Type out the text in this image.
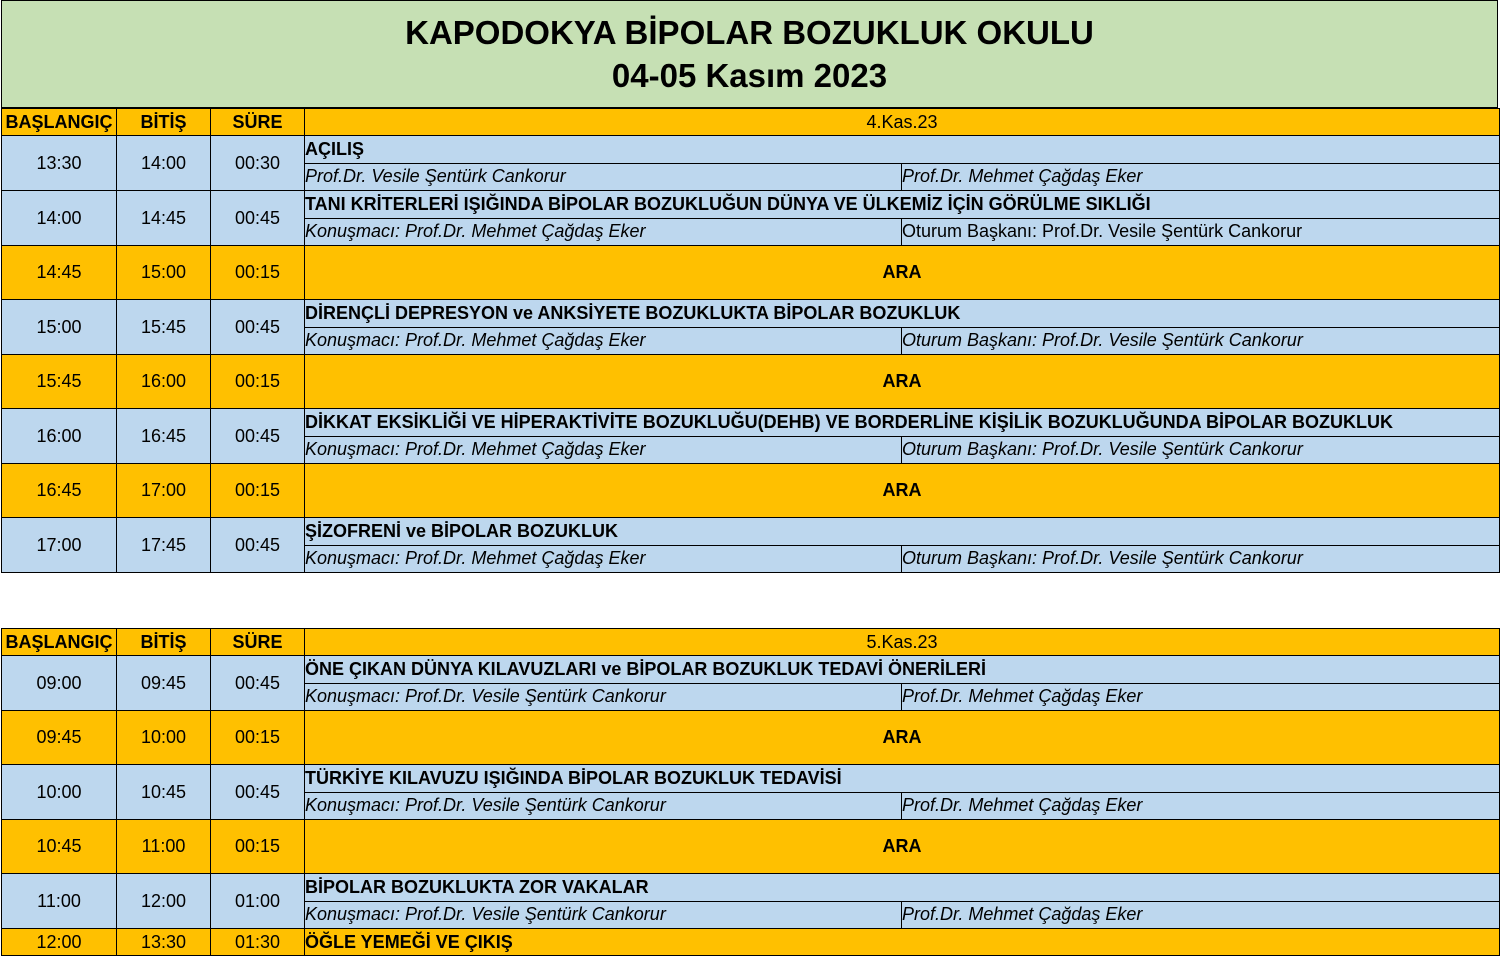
KAPODOKYA BİPOLAR BOZUKLUK OKULU
04-05 Kasım 2023
BAŞLANGIÇ	BİTİŞ	SÜRE	4.Kas.23	
13:30	14:00	00:30	AÇILIŞ	
			Prof.Dr. Vesile Şentürk Cankorur	Prof.Dr. Mehmet Çağdaş Eker
14:00	14:45	00:45	TANI KRİTERLERİ IŞIĞINDA BİPOLAR BOZUKLUĞUN DÜNYA VE ÜLKEMİZ İÇİN GÖRÜLME SIKLIĞI	
			Konuşmacı: Prof.Dr. Mehmet Çağdaş Eker	Oturum Başkanı: Prof.Dr. Vesile Şentürk Cankorur
14:45	15:00	00:15	ARA	
15:00	15:45	00:45	DİRENÇLİ DEPRESYON ve ANKSİYETE BOZUKLUKTA BİPOLAR BOZUKLUK	
			Konuşmacı: Prof.Dr. Mehmet Çağdaş Eker	Oturum Başkanı: Prof.Dr. Vesile Şentürk Cankorur
15:45	16:00	00:15	ARA	
16:00	16:45	00:45	DİKKAT EKSİKLİĞİ VE HİPERAKTİVİTE BOZUKLUĞU(DEHB) VE BORDERLİNE KİŞİLİK BOZUKLUĞUNDA BİPOLAR BOZUKLUK	
			Konuşmacı: Prof.Dr. Mehmet Çağdaş Eker	Oturum Başkanı: Prof.Dr. Vesile Şentürk Cankorur
16:45	17:00	00:15	ARA	
17:00	17:45	00:45	ŞİZOFRENİ ve BİPOLAR BOZUKLUK	
			Konuşmacı: Prof.Dr. Mehmet Çağdaş Eker	Oturum Başkanı: Prof.Dr. Vesile Şentürk Cankorur
BAŞLANGIÇ	BİTİŞ	SÜRE	5.Kas.23	
09:00	09:45	00:45	ÖNE ÇIKAN DÜNYA KILAVUZLARI ve BİPOLAR BOZUKLUK TEDAVİ ÖNERİLERİ	
			Konuşmacı: Prof.Dr. Vesile Şentürk Cankorur	Prof.Dr. Mehmet Çağdaş Eker
09:45	10:00	00:15	ARA	
10:00	10:45	00:45	TÜRKİYE KILAVUZU IŞIĞINDA BİPOLAR BOZUKLUK TEDAVİSİ	
			Konuşmacı: Prof.Dr. Vesile Şentürk Cankorur	Prof.Dr. Mehmet Çağdaş Eker
10:45	11:00	00:15	ARA	
11:00	12:00	01:00	BİPOLAR BOZUKLUKTA ZOR VAKALAR	
			Konuşmacı: Prof.Dr. Vesile Şentürk Cankorur	Prof.Dr. Mehmet Çağdaş Eker
12:00	13:30	01:30	ÖĞLE YEMEĞİ VE ÇIKIŞ	
